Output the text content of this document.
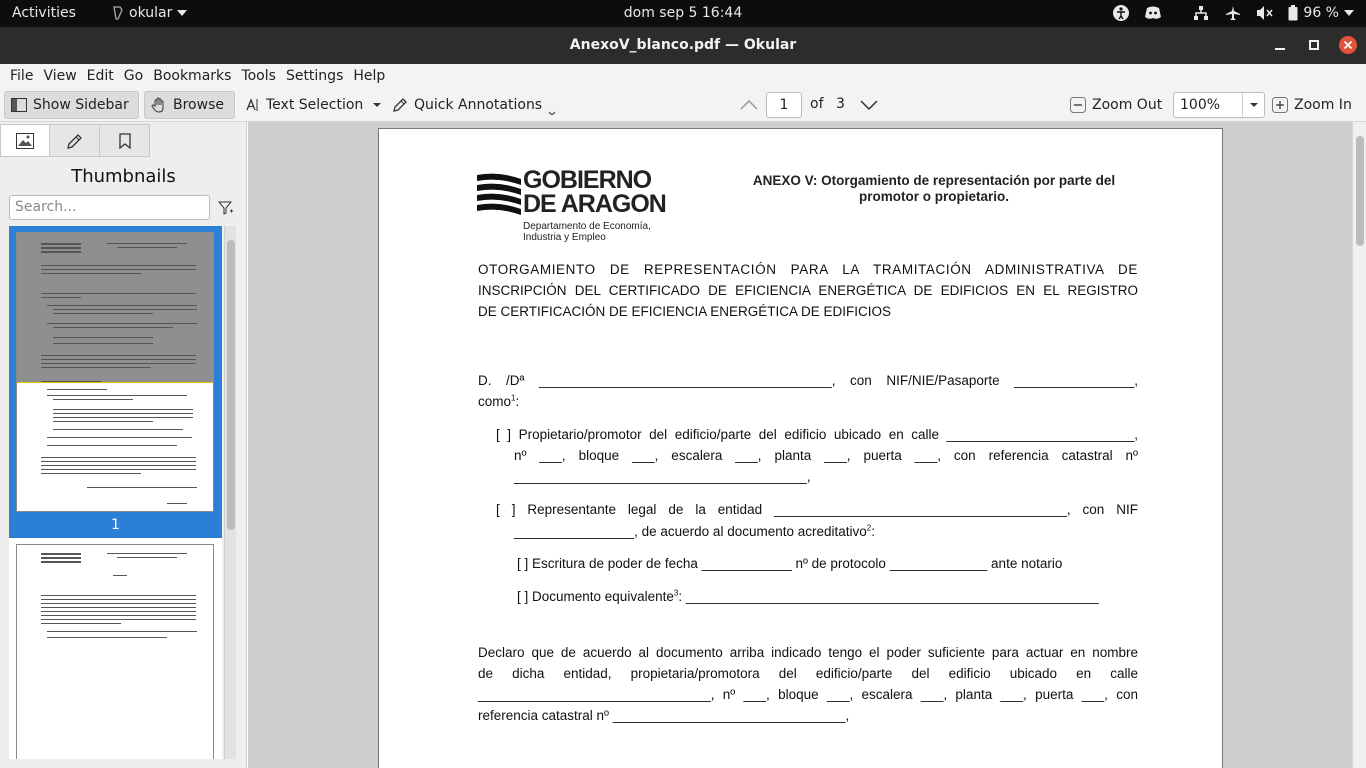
Activities	okular	dom sep 5 16:44	96 %
AnexoV_blanco.pdf — Okular
File View Edit Go Bookmarks Tools Settings Help
Show Sidebar	Browse	Text Selection	Quick Annotations	1 of 3	Zoom Out 100%	Zoom In
Thumbnails
Search...
1
GOBIERNO
DE ARAGON
Departamento de Economía,
Industria y Empleo
ANEXO V: Otorgamiento de representación por parte del
promotor o propietario.
OTORGAMIENTO DE REPRESENTACIÓN PARA LA TRAMITACIÓN ADMINISTRATIVA DE
INSCRIPCIÓN DEL CERTIFICADO DE EFICIENCIA ENERGÉTICA DE EDIFICIOS EN EL REGISTRO
DE CERTIFICACIÓN DE EFICIENCIA ENERGÉTICA DE EDIFICIOS
D. /Dª _______________________________________, con NIF/NIE/Pasaporte ________________,
como$^1$:
[ ] Propietario/promotor del edificio/parte del edificio ubicado en calle _________________________,
nº ___, bloque ___, escalera ___, planta ___, puerta ___, con referencia catastral nº
_______________________________________,
[ ] Representante legal de la entidad _______________________________________, con NIF
________________, de acuerdo al documento acreditativo$^2$:
[ ] Escritura de poder de fecha ____________ nº de protocolo _____________ ante notario
[ ] Documento equivalente$^3$: _______________________________________________________
Declaro que de acuerdo al documento arriba indicado tengo el poder suficiente para actuar en nombre
de dicha entidad, propietaria/promotora del edificio/parte del edificio ubicado en calle
_______________________________, nº ___, bloque ___, escalera ___, planta ___, puerta ___, con
referencia catastral nº _______________________________,
